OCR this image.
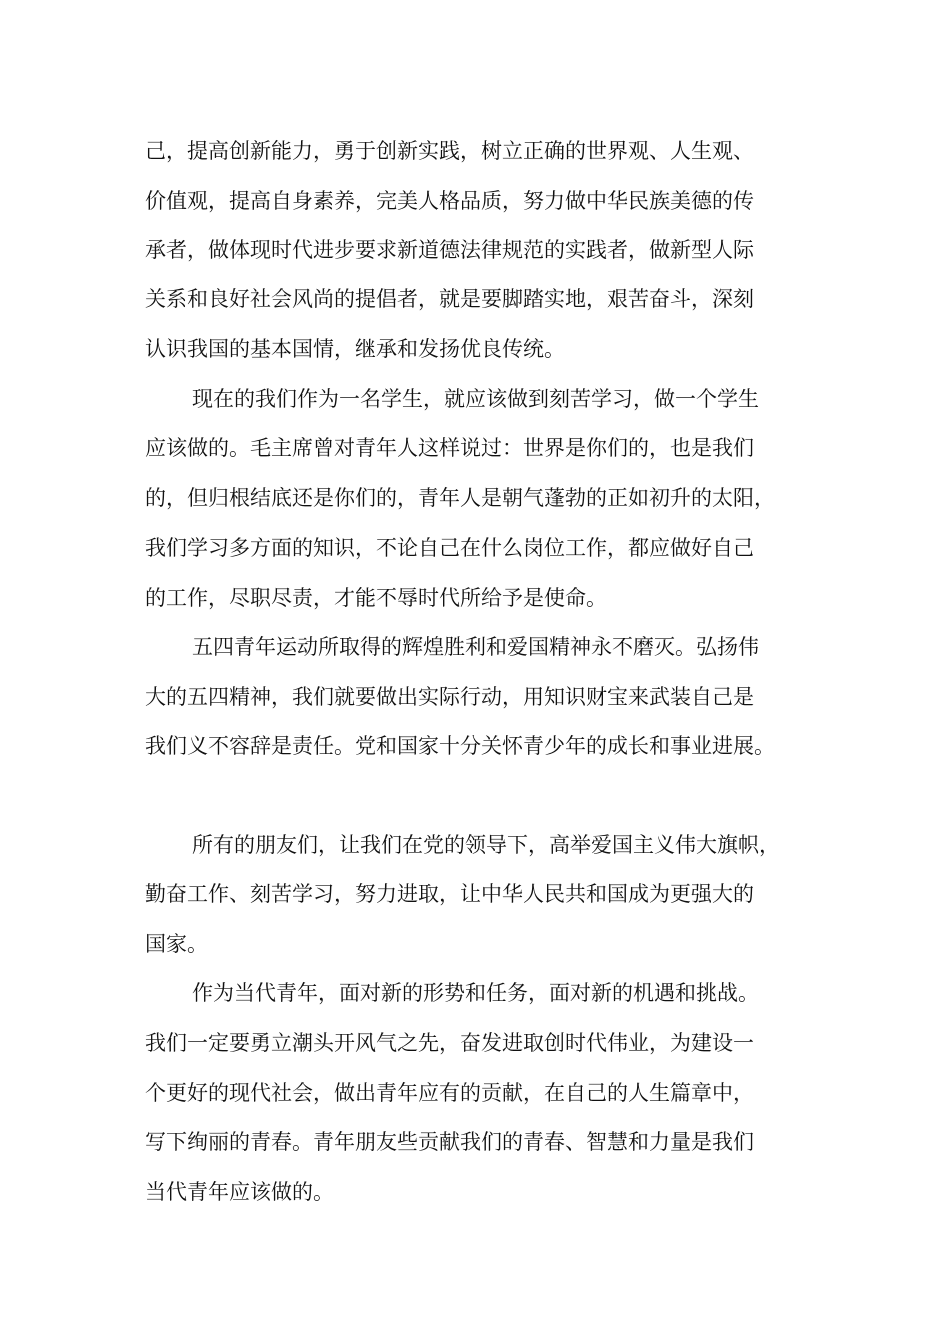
己，提高创新能力，勇于创新实践，树立正确的世界观、人生观、
价值观，提高自身素养，完美人格品质，努力做中华民族美德的传
承者，做体现时代进步要求新道德法律规范的实践者，做新型人际
关系和良好社会风尚的提倡者，就是要脚踏实地，艰苦奋斗，深刻
认识我国的基本国情，继承和发扬优良传统。
现在的我们作为一名学生，就应该做到刻苦学习，做一个学生
应该做的。毛主席曾对青年人这样说过：世界是你们的，也是我们
的，但归根结底还是你们的，青年人是朝气蓬勃的正如初升的太阳，
我们学习多方面的知识，不论自己在什么岗位工作，都应做好自己
的工作，尽职尽责，才能不辱时代所给予是使命。
五四青年运动所取得的辉煌胜利和爱国精神永不磨灭。弘扬伟
大的五四精神，我们就要做出实际行动，用知识财宝来武装自己是
我们义不容辞是责任。党和国家十分关怀青少年的成长和事业进展。
所有的朋友们，让我们在党的领导下，高举爱国主义伟大旗帜，
勤奋工作、刻苦学习，努力进取，让中华人民共和国成为更强大的
国家。
作为当代青年，面对新的形势和任务，面对新的机遇和挑战。
我们一定要勇立潮头开风气之先，奋发进取创时代伟业，为建设一
个更好的现代社会，做出青年应有的贡献，在自己的人生篇章中，
写下绚丽的青春。青年朋友些贡献我们的青春、智慧和力量是我们
当代青年应该做的。
